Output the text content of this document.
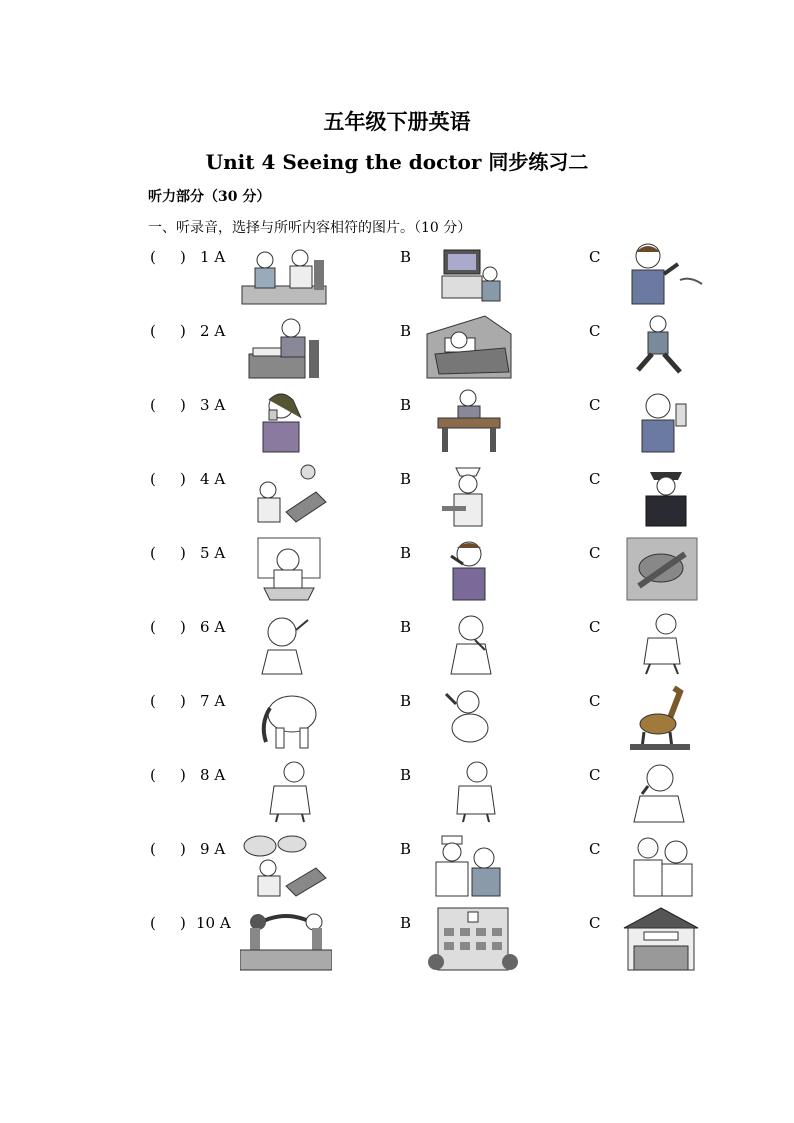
五年级下册英语
Unit 4 Seeing the doctor 同步练习二
听力部分（30 分）
一、听录音，选择与所听内容相符的图片。（10 分）
( ) 1 A	B	C
( ) 2 A	B	C
( ) 3 A	B	C
( ) 4 A	B	C
( ) 5 A	B	C
( ) 6 A	B	C
( ) 7 A	B	C
( ) 8 A	B	C
( ) 9 A	B	C
( ) 10 A	B	C
